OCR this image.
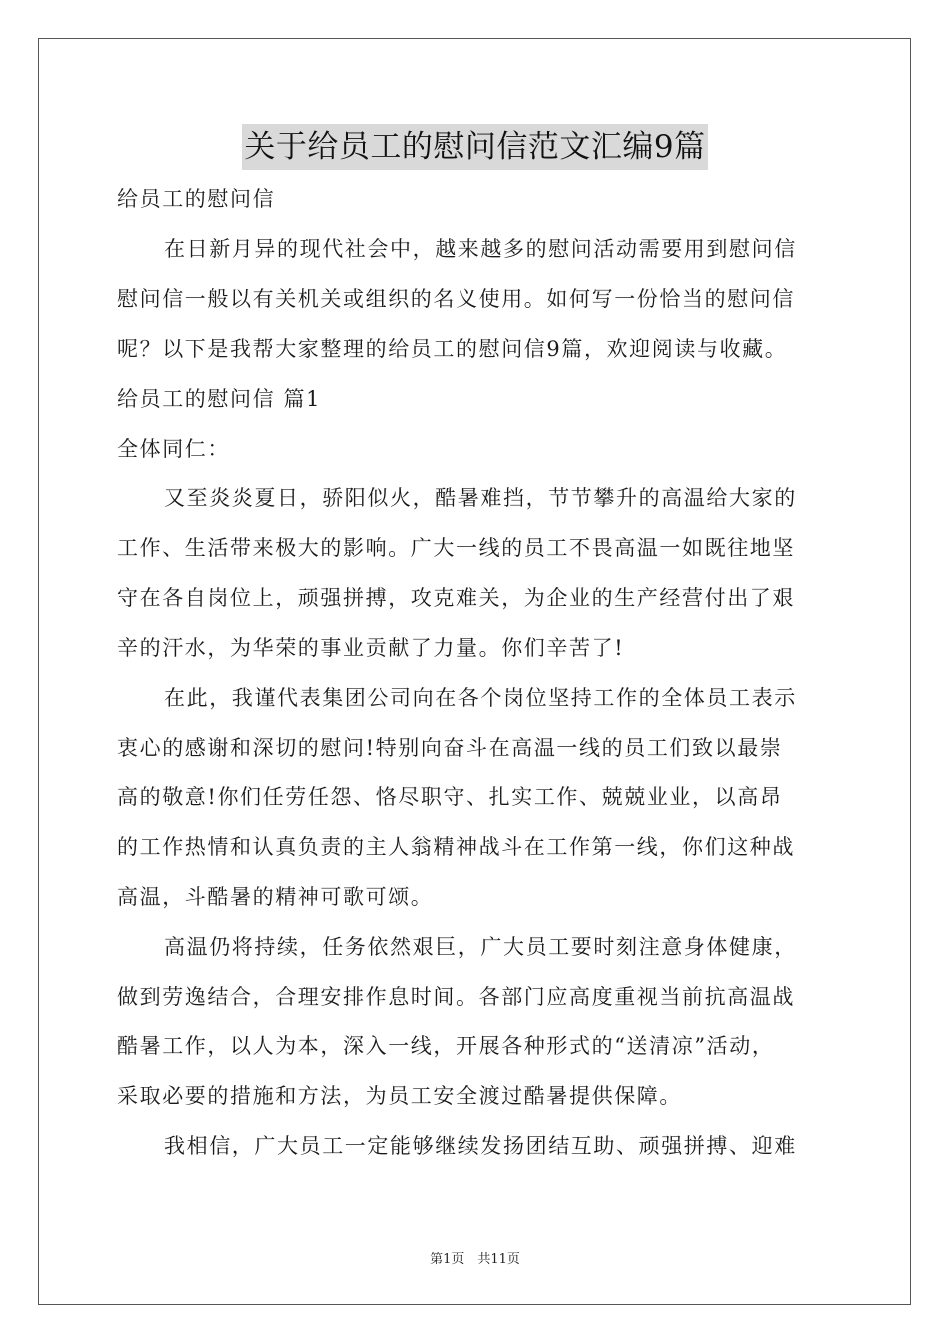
关于给员工的慰问信范文汇编9篇
给员工的慰问信
在日新月异的现代社会中，越来越多的慰问活动需要用到慰问信
慰问信一般以有关机关或组织的名义使用。如何写一份恰当的慰问信
呢？以下是我帮大家整理的给员工的慰问信9篇，欢迎阅读与收藏。
给员工的慰问信 篇1
全体同仁：
又至炎炎夏日，骄阳似火，酷暑难挡，节节攀升的高温给大家的
工作、生活带来极大的影响。广大一线的员工不畏高温一如既往地坚
守在各自岗位上，顽强拼搏，攻克难关，为企业的生产经营付出了艰
辛的汗水，为华荣的事业贡献了力量。你们辛苦了!
在此，我谨代表集团公司向在各个岗位坚持工作的全体员工表示
衷心的感谢和深切的慰问!特别向奋斗在高温一线的员工们致以最崇
高的敬意!你们任劳任怨、恪尽职守、扎实工作、兢兢业业，以高昂
的工作热情和认真负责的主人翁精神战斗在工作第一线，你们这种战
高温，斗酷暑的精神可歌可颂。
高温仍将持续，任务依然艰巨，广大员工要时刻注意身体健康，
做到劳逸结合，合理安排作息时间。各部门应高度重视当前抗高温战
酷暑工作，以人为本，深入一线，开展各种形式的“送清凉”活动，
采取必要的措施和方法，为员工安全渡过酷暑提供保障。
我相信，广大员工一定能够继续发扬团结互助、顽强拼搏、迎难
第1页　共11页
